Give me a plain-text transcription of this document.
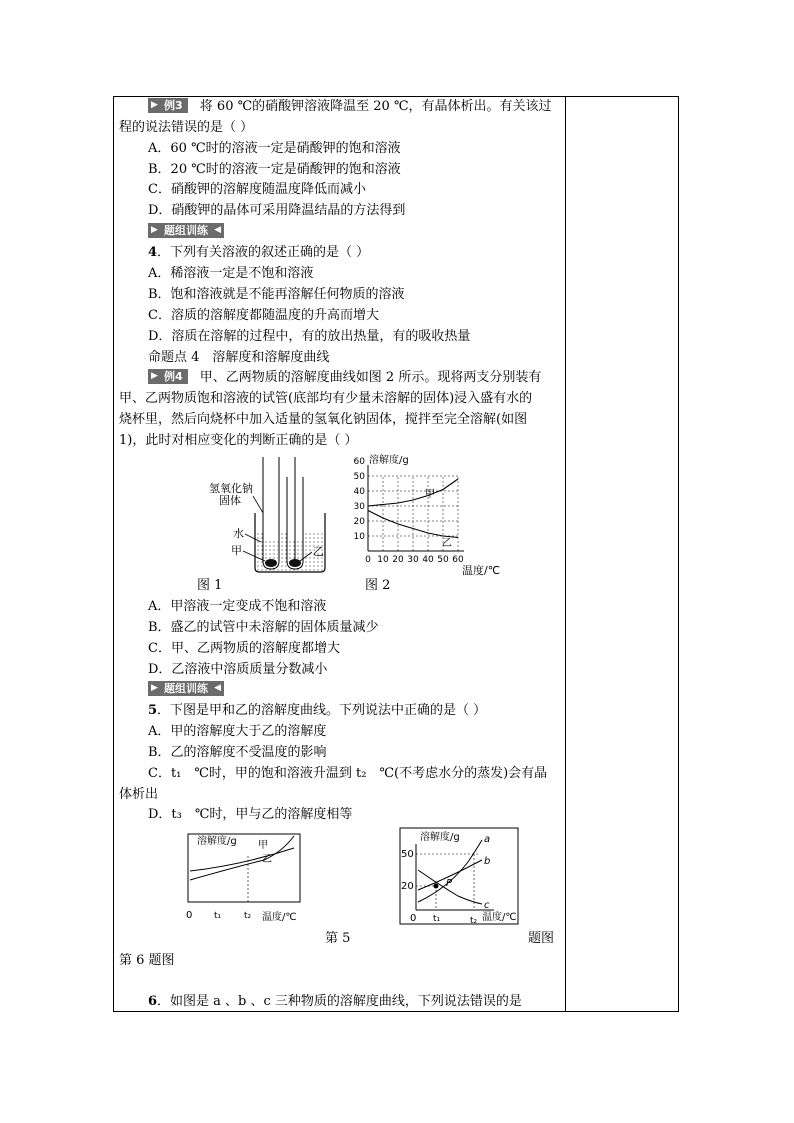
▶ 例3 将 60 ℃的硝酸钾溶液降温至 20 ℃，有晶体析出。有关该过
程的说法错误的是（ ）
A．60 ℃时的溶液一定是硝酸钾的饱和溶液
B．20 ℃时的溶液一定是硝酸钾的饱和溶液
C．硝酸钾的溶解度随温度降低而减小
D．硝酸钾的晶体可采用降温结晶的方法得到
▶ 题组训练 ◀
4．下列有关溶液的叙述正确的是（ ）
A．稀溶液一定是不饱和溶液
B．饱和溶液就是不能再溶解任何物质的溶液
C．溶质的溶解度都随温度的升高而增大
D．溶质在溶解的过程中，有的放出热量，有的吸收热量
命题点 4　溶解度和溶解度曲线
▶ 例4 甲、乙两物质的溶解度曲线如图 2 所示。现将两支分别装有
甲、乙两物质饱和溶液的试管(底部均有少量未溶解的固体)浸入盛有水的
烧杯里，然后向烧杯中加入适量的氢氧化钠固体，搅拌至完全溶解(如图
1)，此时对相应变化的判断正确的是（ ）
氢氧化钠
固体
水
甲	乙
溶解度/g
0 10 20 30 40 50 60
10
20
30
40
50
60
甲
乙
温度/℃
图 1	图 2
A．甲溶液一定变成不饱和溶液
B．盛乙的试管中未溶解的固体质量减少
C．甲、乙两物质的溶解度都增大
D．乙溶液中溶质质量分数减小
▶ 题组训练 ◀
5．下图是甲和乙的溶解度曲线。下列说法中正确的是（ ）
A．甲的溶解度大于乙的溶解度
B．乙的溶解度不受温度的影响
C．t₁　℃时，甲的饱和溶液升温到 t₂　℃(不考虑水分的蒸发)会有晶
体析出
D．t₃　℃时，甲与乙的溶解度相等
溶解度/g 甲
乙
0 t₁	t₂ 温度/℃
溶解度/g
P
a
b
c
50
20
0 t₁	t₂ 温度/℃
第 5	题图
第 6 题图
6．如图是 a 、b 、c 三种物质的溶解度曲线，下列说法错误的是
